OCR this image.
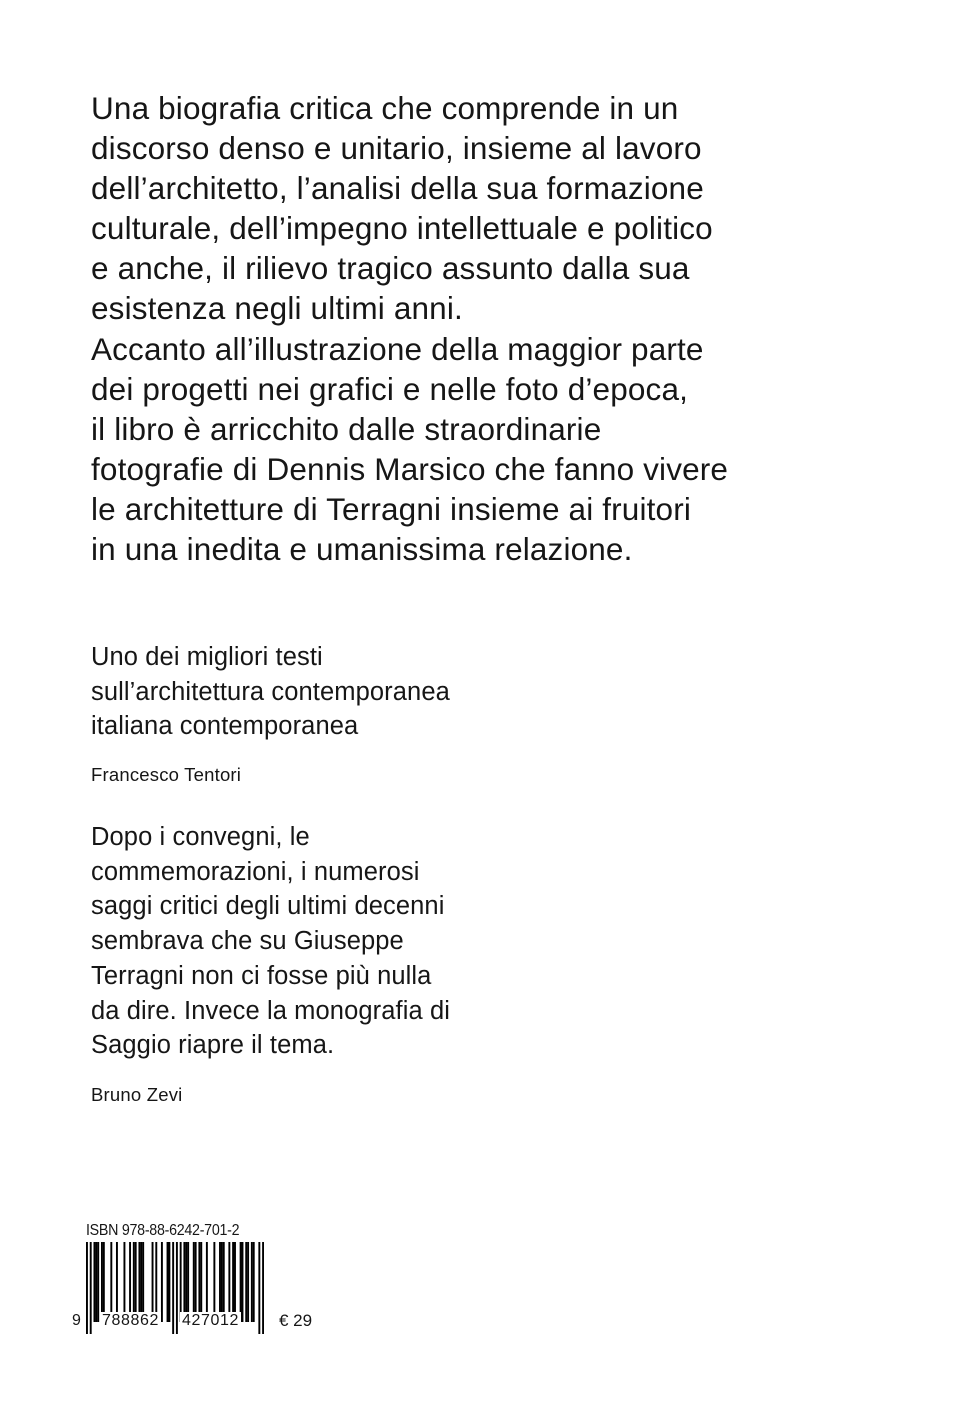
Una biografia critica che comprende in un
discorso denso e unitario, insieme al lavoro
dell’architetto, l’analisi della sua formazione
culturale, dell’impegno intellettuale e politico
e anche, il rilievo tragico assunto dalla sua
esistenza negli ultimi anni.
Accanto all’illustrazione della maggior parte
dei progetti nei grafici e nelle foto d’epoca,
il libro è arricchito dalle straordinarie
fotografie di Dennis Marsico che fanno vivere
le architetture di Terragni insieme ai fruitori
in una inedita e umanissima relazione.
Uno dei migliori testi
sull’architettura contemporanea
italiana contemporanea
Francesco Tentori
Dopo i convegni, le
commemorazioni, i numerosi
saggi critici degli ultimi decenni
sembrava che su Giuseppe
Terragni non ci fosse più nulla
da dire. Invece la monografia di
Saggio riapre il tema.
Bruno Zevi
ISBN 978-88-6242-701-2
9 788862 427012 € 29
